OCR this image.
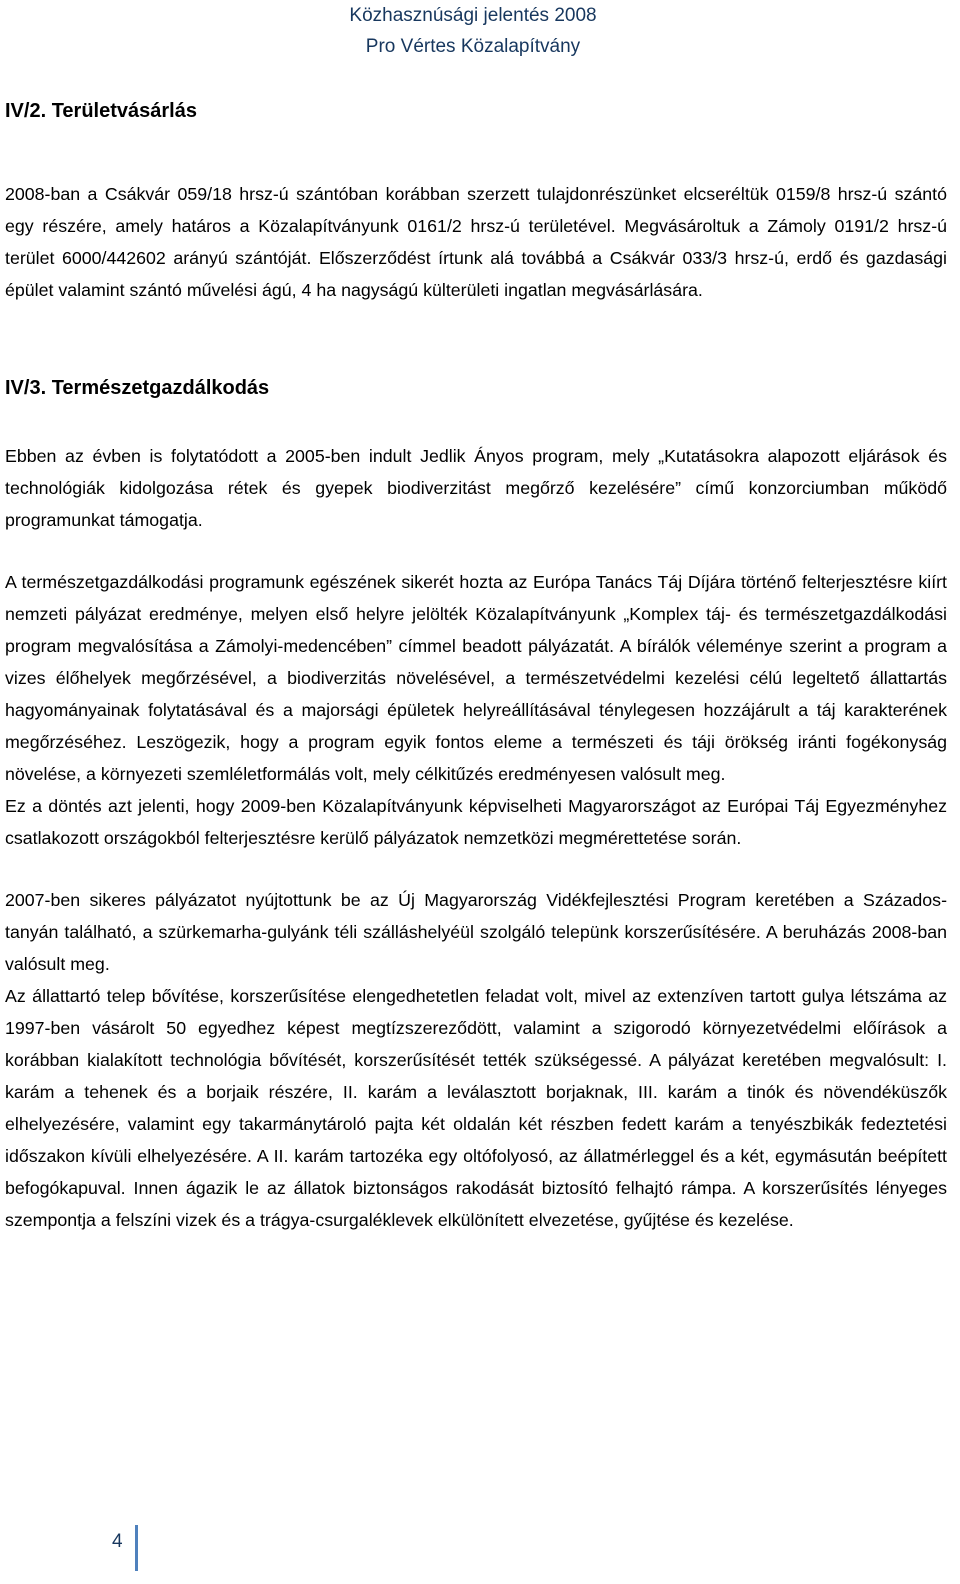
Közhasznúsági jelentés 2008
Pro Vértes Közalapítvány
IV/2. Területvásárlás

2008-ban a Csákvár 059/18 hrsz-ú szántóban korábban szerzett tulajdonrészünket elcseréltük 0159/8 hrsz-ú szántó egy részére, amely határos a Közalapítványunk 0161/2 hrsz-ú területével. Megvásároltuk a Zámoly 0191/2 hrsz-ú terület 6000/442602 arányú szántóját. Előszerződést írtunk alá továbbá a Csákvár 033/3 hrsz-ú, erdő és gazdasági épület valamint szántó művelési ágú, 4 ha nagyságú külterületi ingatlan megvásárlására.

IV/3. Természetgazdálkodás

Ebben az évben is folytatódott a 2005-ben indult Jedlik Ányos program, mely „Kutatásokra alapozott eljárások és technológiák kidolgozása rétek és gyepek biodiverzitást megőrző kezelésére” című konzorciumban működő programunkat támogatja.

A természetgazdálkodási programunk egészének sikerét hozta az Európa Tanács Táj Díjára történő felterjesztésre kiírt nemzeti pályázat eredménye, melyen első helyre jelölték Közalapítványunk „Komplex táj- és természetgazdálkodási program megvalósítása a Zámolyi-medencében” címmel beadott pályázatát. A bírálók véleménye szerint a program a vizes élőhelyek megőrzésével, a biodiverzitás növelésével, a természetvédelmi kezelési célú legeltető állattartás hagyományainak folytatásával és a majorsági épületek helyreállításával ténylegesen hozzájárult a táj karakterének megőrzéséhez. Leszögezik, hogy a program egyik fontos eleme a természeti és táji örökség iránti fogékonyság növelése, a környezeti szemléletformálás volt, mely célkitűzés eredményesen valósult meg.

Ez a döntés azt jelenti, hogy 2009-ben Közalapítványunk képviselheti Magyarországot az Európai Táj Egyezményhez csatlakozott országokból felterjesztésre kerülő pályázatok nemzetközi megmérettetése során.

2007-ben sikeres pályázatot nyújtottunk be az Új Magyarország Vidékfejlesztési Program keretében a Százados-tanyán található, a szürkemarha-gulyánk téli szálláshelyéül szolgáló telepünk korszerűsítésére. A beruházás 2008-ban valósult meg.

Az állattartó telep bővítése, korszerűsítése elengedhetetlen feladat volt, mivel az extenzíven tartott gulya létszáma az 1997-ben vásárolt 50 egyedhez képest megtízszereződött, valamint a szigorodó környezetvédelmi előírások a korábban kialakított technológia bővítését, korszerűsítését tették szükségessé. A pályázat keretében megvalósult: I. karám a tehenek és a borjaik részére, II. karám a leválasztott borjaknak, III. karám a tinók és növendéküszők elhelyezésére, valamint egy takarmánytároló pajta két oldalán két részben fedett karám a tenyészbikák fedeztetési időszakon kívüli elhelyezésére. A II. karám tartozéka egy oltófolyosó, az állatmérleggel és a két, egymásután beépített befogókapuval. Innen ágazik le az állatok biztonságos rakodását biztosító felhajtó rámpa. A korszerűsítés lényeges szempontja a felszíni vizek és a trágya-csurgaléklevek elkülönített elvezetése, gyűjtése és kezelése.

4
